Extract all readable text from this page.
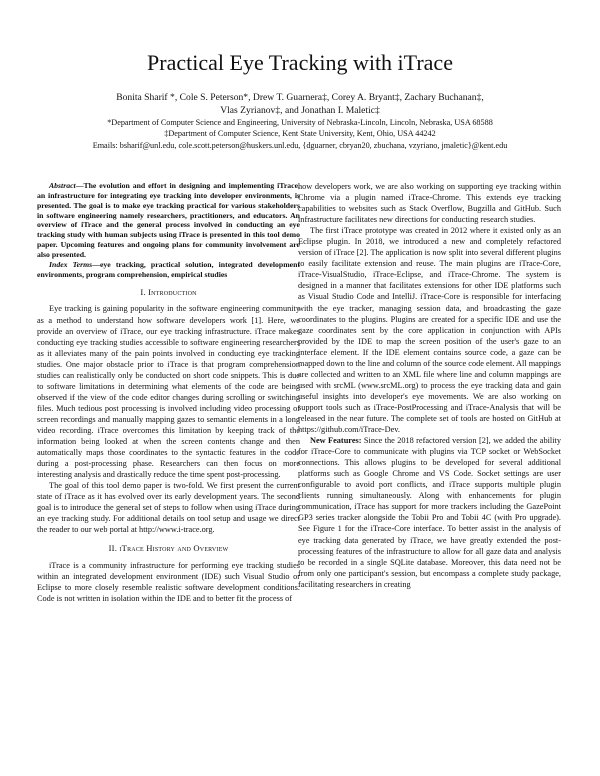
Practical Eye Tracking with iTrace
Bonita Sharif *, Cole S. Peterson*, Drew T. Guarnera‡, Corey A. Bryant‡, Zachary Buchanan‡,
Vlas Zyrianov‡, and Jonathan I. Maletic‡
*Department of Computer Science and Engineering, University of Nebraska-Lincoln, Lincoln, Nebraska, USA 68588
‡Department of Computer Science, Kent State University, Kent, Ohio, USA 44242
Emails: bsharif@unl.edu, cole.scott.peterson@huskers.unl.edu, {dguarner, cbryan20, zbuchana, vzyriano, jmaletic}@kent.edu

Abstract—The evolution and effort in designing and implementing iTrace, an infrastructure for integrating eye tracking into developer environments, is presented. The goal is to make eye tracking practical for various stakeholders in software engineering namely researchers, practitioners, and educators. An overview of iTrace and the general process involved in conducting an eye tracking study with human subjects using iTrace is presented in this tool demo paper. Upcoming features and ongoing plans for community involvement are also presented.

Index Terms—eye tracking, practical solution, integrated development environments, program comprehension, empirical studies

I. Introduction

Eye tracking is gaining popularity in the software engineering community as a method to understand how software developers work [1]. Here, we provide an overview of iTrace, our eye tracking infrastructure. iTrace makes conducting eye tracking studies accessible to software engineering researchers as it alleviates many of the pain points involved in conducting eye tracking studies. One major obstacle prior to iTrace is that program comprehension studies can realistically only be conducted on short code snippets. This is due to software limitations in determining what elements of the code are being observed if the view of the code editor changes during scrolling or switching files. Much tedious post processing is involved including video processing of screen recordings and manually mapping gazes to semantic elements in a long video recording. iTrace overcomes this limitation by keeping track of the information being looked at when the screen contents change and then automatically maps those coordinates to the syntactic features in the code during a post-processing phase. Researchers can then focus on more interesting analysis and drastically reduce the time spent post-processing.

The goal of this tool demo paper is two-fold. We first present the current state of iTrace as it has evolved over its early development years. The second goal is to introduce the general set of steps to follow when using iTrace during an eye tracking study. For additional details on tool setup and usage we direct the reader to our web portal at http://www.i-trace.org.

II. iTrace History and Overview

iTrace is a community infrastructure for performing eye tracking studies within an integrated development environment (IDE) such Visual Studio or Eclipse to more closely resemble realistic software development conditions. Code is not written in isolation within the IDE and to better fit the process of

how developers work, we are also working on supporting eye tracking within Chrome via a plugin named iTrace-Chrome. This extends eye tracking capabilities to websites such as Stack Overflow, Bugzilla and GitHub. Such infrastructure facilitates new directions for conducting research studies.

The first iTrace prototype was created in 2012 where it existed only as an Eclipse plugin. In 2018, we introduced a new and completely refactored version of iTrace [2]. The application is now split into several different plugins to easily facilitate extension and reuse. The main plugins are iTrace-Core, iTrace-VisualStudio, iTrace-Eclipse, and iTrace-Chrome. The system is designed in a manner that facilitates extensions for other IDE platforms such as Visual Studio Code and IntelliJ. iTrace-Core is responsible for interfacing with the eye tracker, managing session data, and broadcasting the gaze coordinates to the plugins. Plugins are created for a specific IDE and use the gaze coordinates sent by the core application in conjunction with APIs provided by the IDE to map the screen position of the user's gaze to an interface element. If the IDE element contains source code, a gaze can be mapped down to the line and column of the source code element. All mappings are collected and written to an XML file where line and column mappings are used with srcML (www.srcML.org) to process the eye tracking data and gain useful insights into developer's eye movements. We are also working on support tools such as iTrace-PostProcessing and iTrace-Analysis that will be released in the near future. The complete set of tools are hosted on GitHub at https://github.com/iTrace-Dev.

New Features: Since the 2018 refactored version [2], we added the ability for iTrace-Core to communicate with plugins via TCP socket or WebSocket connections. This allows plugins to be developed for several additional platforms such as Google Chrome and VS Code. Socket settings are user configurable to avoid port conflicts, and iTrace supports multiple plugin clients running simultaneously. Along with enhancements for plugin communication, iTrace has support for more trackers including the GazePoint GP3 series tracker alongside the Tobii Pro and Tobii 4C (with Pro upgrade). See Figure 1 for the iTrace-Core interface. To better assist in the analysis of eye tracking data generated by iTrace, we have greatly extended the post-processing features of the infrastructure to allow for all gaze data and analysis to be recorded in a single SQLite database. Moreover, this data need not be from only one participant's session, but encompass a complete study package, facilitating researchers in creating
